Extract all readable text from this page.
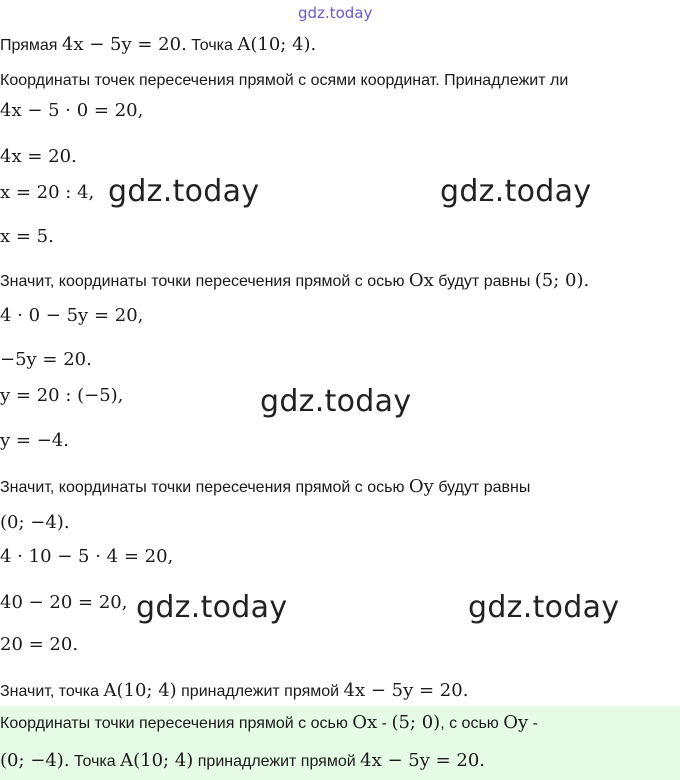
gdz.today
Прямая 4x − 5y = 20. Точка A(10; 4).
Координаты точек пересечения прямой с осями координат. Принадлежит ли
4x − 5 · 0 = 20,
4x = 20.
x = 20 : 4,
x = 5.
Значит, координаты точки пересечения прямой с осью Ox будут равны (5; 0).
4 · 0 − 5y = 20,
−5y = 20.
y = 20 : (−5),
y = −4.
Значит, координаты точки пересечения прямой с осью Oy будут равны
(0; −4).
4 · 10 − 5 · 4 = 20,
40 − 20 = 20,
20 = 20.
Значит, точка A(10; 4) принадлежит прямой 4x − 5y = 20.
Координаты точки пересечения прямой с осью Ox - (5; 0), с осью Oy -
(0; −4). Точка A(10; 4) принадлежит прямой 4x − 5y = 20.
gdz.today	gdz.today
gdz.today
gdz.today	gdz.today
